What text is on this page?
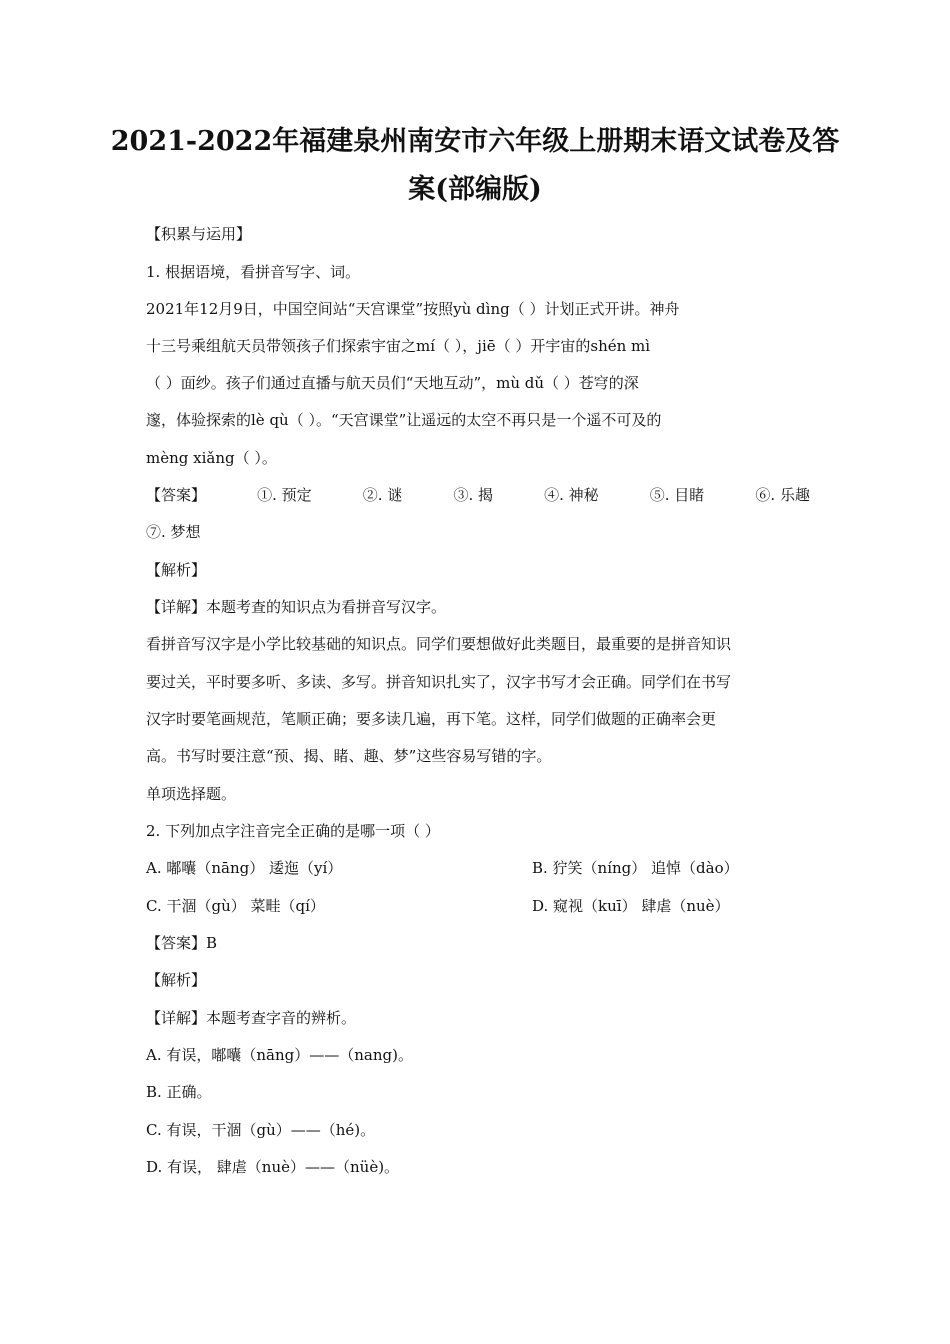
2021-2022年福建泉州南安市六年级上册期末语文试卷及答
案(部编版)
【积累与运用】
1. 根据语境，看拼音写字、词。
2021年12月9日，中国空间站“天宫课堂”按照yù dìng（ ）计划正式开讲。神舟
十三号乘组航天员带领孩子们探索宇宙之mí（ ），jiē（ ）开宇宙的shén mì
（ ）面纱。孩子们通过直播与航天员们“天地互动”，mù dǔ（ ）苍穹的深
邃，体验探索的lè qù（ ）。“天宫课堂”让遥远的太空不再只是一个遥不可及的
mèng xiǎng（ ）。
【答案】	①. 预定	②. 谜	③. 揭	④. 神秘	⑤. 目睹	⑥. 乐趣
⑦. 梦想
【解析】
【详解】本题考查的知识点为看拼音写汉字。
看拼音写汉字是小学比较基础的知识点。同学们要想做好此类题目，最重要的是拼音知识
要过关，平时要多听、多读、多写。拼音知识扎实了，汉字书写才会正确。同学们在书写
汉字时要笔画规范，笔顺正确；要多读几遍，再下笔。这样，同学们做题的正确率会更
高。书写时要注意“预、揭、睹、趣、梦”这些容易写错的字。
单项选择题。
2. 下列加点字注音完全正确的是哪一项（ ）
A. 嘟囔（nāng） 逶迤（yí）	B. 狞笑（níng） 追悼（dào）
C. 干涸（gù） 菜畦（qí）	D. 窥视（kuī） 肆虐（nuè）
【答案】B
【解析】
【详解】本题考查字音的辨析。
A. 有误，嘟囔（nāng）——（nang)。
B. 正确。
C. 有误，干涸（gù）——（hé)。
D. 有误， 肆虐（nuè）——（nüè)。
